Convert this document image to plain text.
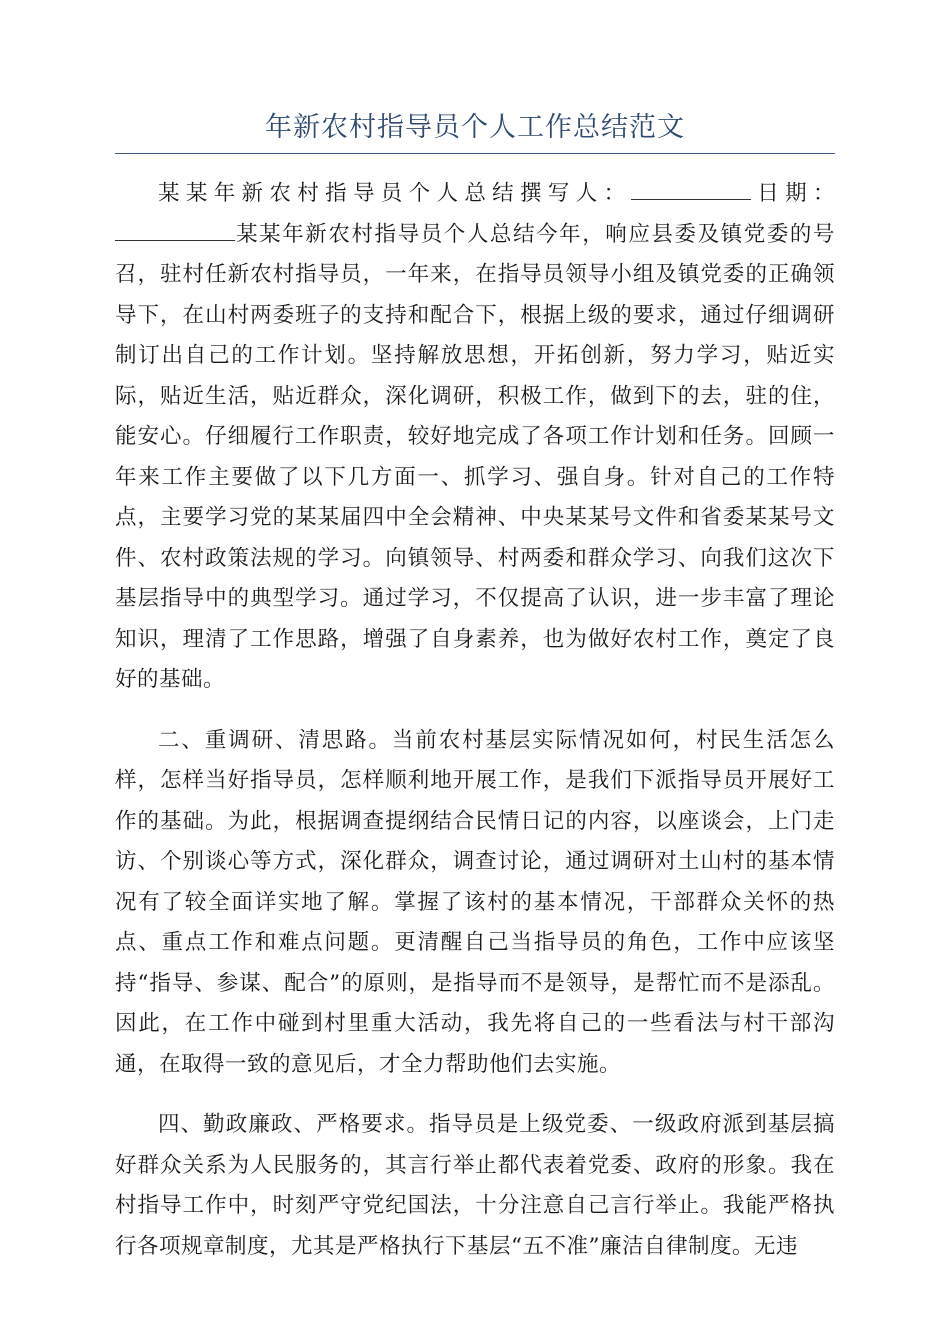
年新农村指导员个人工作总结范文

某某年新农村指导员个人总结撰写人：	日期：某某年新农村指导员个人总结今年，响应县委及镇党委的号召，驻村任新农村指导员，一年来，在指导员领导小组及镇党委的正确领导下，在山村两委班子的支持和配合下，根据上级的要求，通过仔细调研制订出自己的工作计划。坚持解放思想，开拓创新，努力学习，贴近实际，贴近生活，贴近群众，深化调研，积极工作，做到下的去，驻的住，能安心。仔细履行工作职责，较好地完成了各项工作计划和任务。回顾一年来工作主要做了以下几方面一、抓学习、强自身。针对自己的工作特点，主要学习党的某某届四中全会精神、中央某某号文件和省委某某号文件、农村政策法规的学习。向镇领导、村两委和群众学习、向我们这次下基层指导中的典型学习。通过学习，不仅提高了认识，进一步丰富了理论知识，理清了工作思路，增强了自身素养，也为做好农村工作，奠定了良好的基础。

二、重调研、清思路。当前农村基层实际情况如何，村民生活怎么样，怎样当好指导员，怎样顺利地开展工作，是我们下派指导员开展好工作的基础。为此，根据调查提纲结合民情日记的内容，以座谈会，上门走访、个别谈心等方式，深化群众，调查讨论，通过调研对土山村的基本情况有了较全面详实地了解。掌握了该村的基本情况，干部群众关怀的热点、重点工作和难点问题。更清醒自己当指导员的角色，工作中应该坚持“指导、参谋、配合”的原则，是指导而不是领导，是帮忙而不是添乱。因此，在工作中碰到村里重大活动，我先将自己的一些看法与村干部沟通，在取得一致的意见后，才全力帮助他们去实施。

四、勤政廉政、严格要求。指导员是上级党委、一级政府派到基层搞好群众关系为人民服务的，其言行举止都代表着党委、政府的形象。我在村指导工作中，时刻严守党纪国法，十分注意自己言行举止。我能严格执行各项规章制度，尤其是严格执行下基层“五不准”廉洁自律制度。无违
